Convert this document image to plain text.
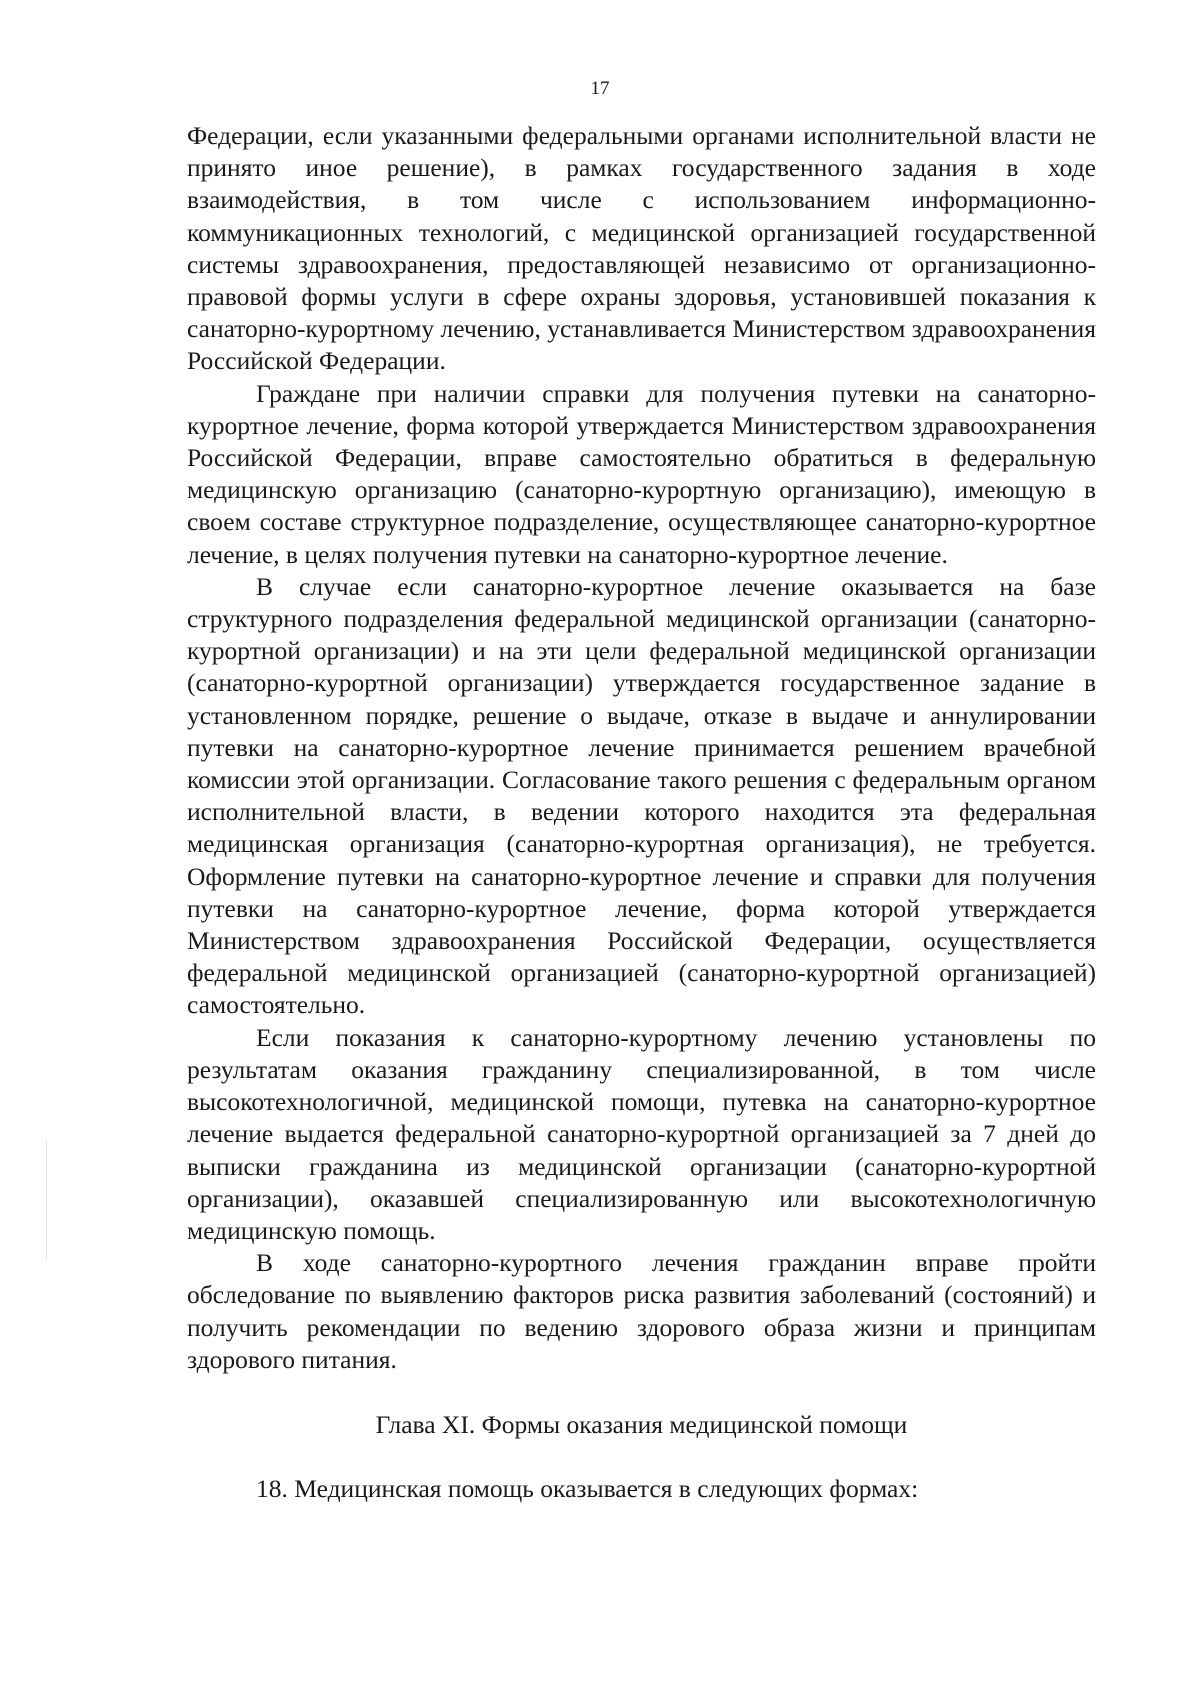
17

Федерации, если указанными федеральными органами исполнительной власти не принято иное решение), в рамках государственного задания в ходе взаимодействия, в том числе с использованием информационно-коммуникационных технологий, с медицинской организацией государственной системы здравоохранения, предоставляющей независимо от организационно-правовой формы услуги в сфере охраны здоровья, установившей показания к санаторно-курортному лечению, устанавливается Министерством здравоохранения Российской Федерации.

Граждане при наличии справки для получения путевки на санаторно-курортное лечение, форма которой утверждается Министерством здравоохранения Российской Федерации, вправе самостоятельно обратиться в федеральную медицинскую организацию (санаторно-курортную организацию), имеющую в своем составе структурное подразделение, осуществляющее санаторно-курортное лечение, в целях получения путевки на санаторно-курортное лечение.

В случае если санаторно-курортное лечение оказывается на базе структурного подразделения федеральной медицинской организации (санаторно-курортной организации) и на эти цели федеральной медицинской организации (санаторно-курортной организации) утверждается государственное задание в установленном порядке, решение о выдаче, отказе в выдаче и аннулировании путевки на санаторно-курортное лечение принимается решением врачебной комиссии этой организации. Согласование такого решения с федеральным органом исполнительной власти, в ведении которого находится эта федеральная медицинская организация (санаторно-курортная организация), не требуется. Оформление путевки на санаторно-курортное лечение и справки для получения путевки на санаторно-курортное лечение, форма которой утверждается Министерством здравоохранения Российской Федерации, осуществляется федеральной медицинской организацией (санаторно-курортной организацией) самостоятельно.

Если показания к санаторно-курортному лечению установлены по результатам оказания гражданину специализированной, в том числе высокотехнологичной, медицинской помощи, путевка на санаторно-курортное лечение выдается федеральной санаторно-курортной организацией за 7 дней до выписки гражданина из медицинской организации (санаторно-курортной организации), оказавшей специализированную или высокотехнологичную медицинскую помощь.

В ходе санаторно-курортного лечения гражданин вправе пройти обследование по выявлению факторов риска развития заболеваний (состояний) и получить рекомендации по ведению здорового образа жизни и принципам здорового питания.

Глава XI. Формы оказания медицинской помощи

18. Медицинская помощь оказывается в следующих формах:
